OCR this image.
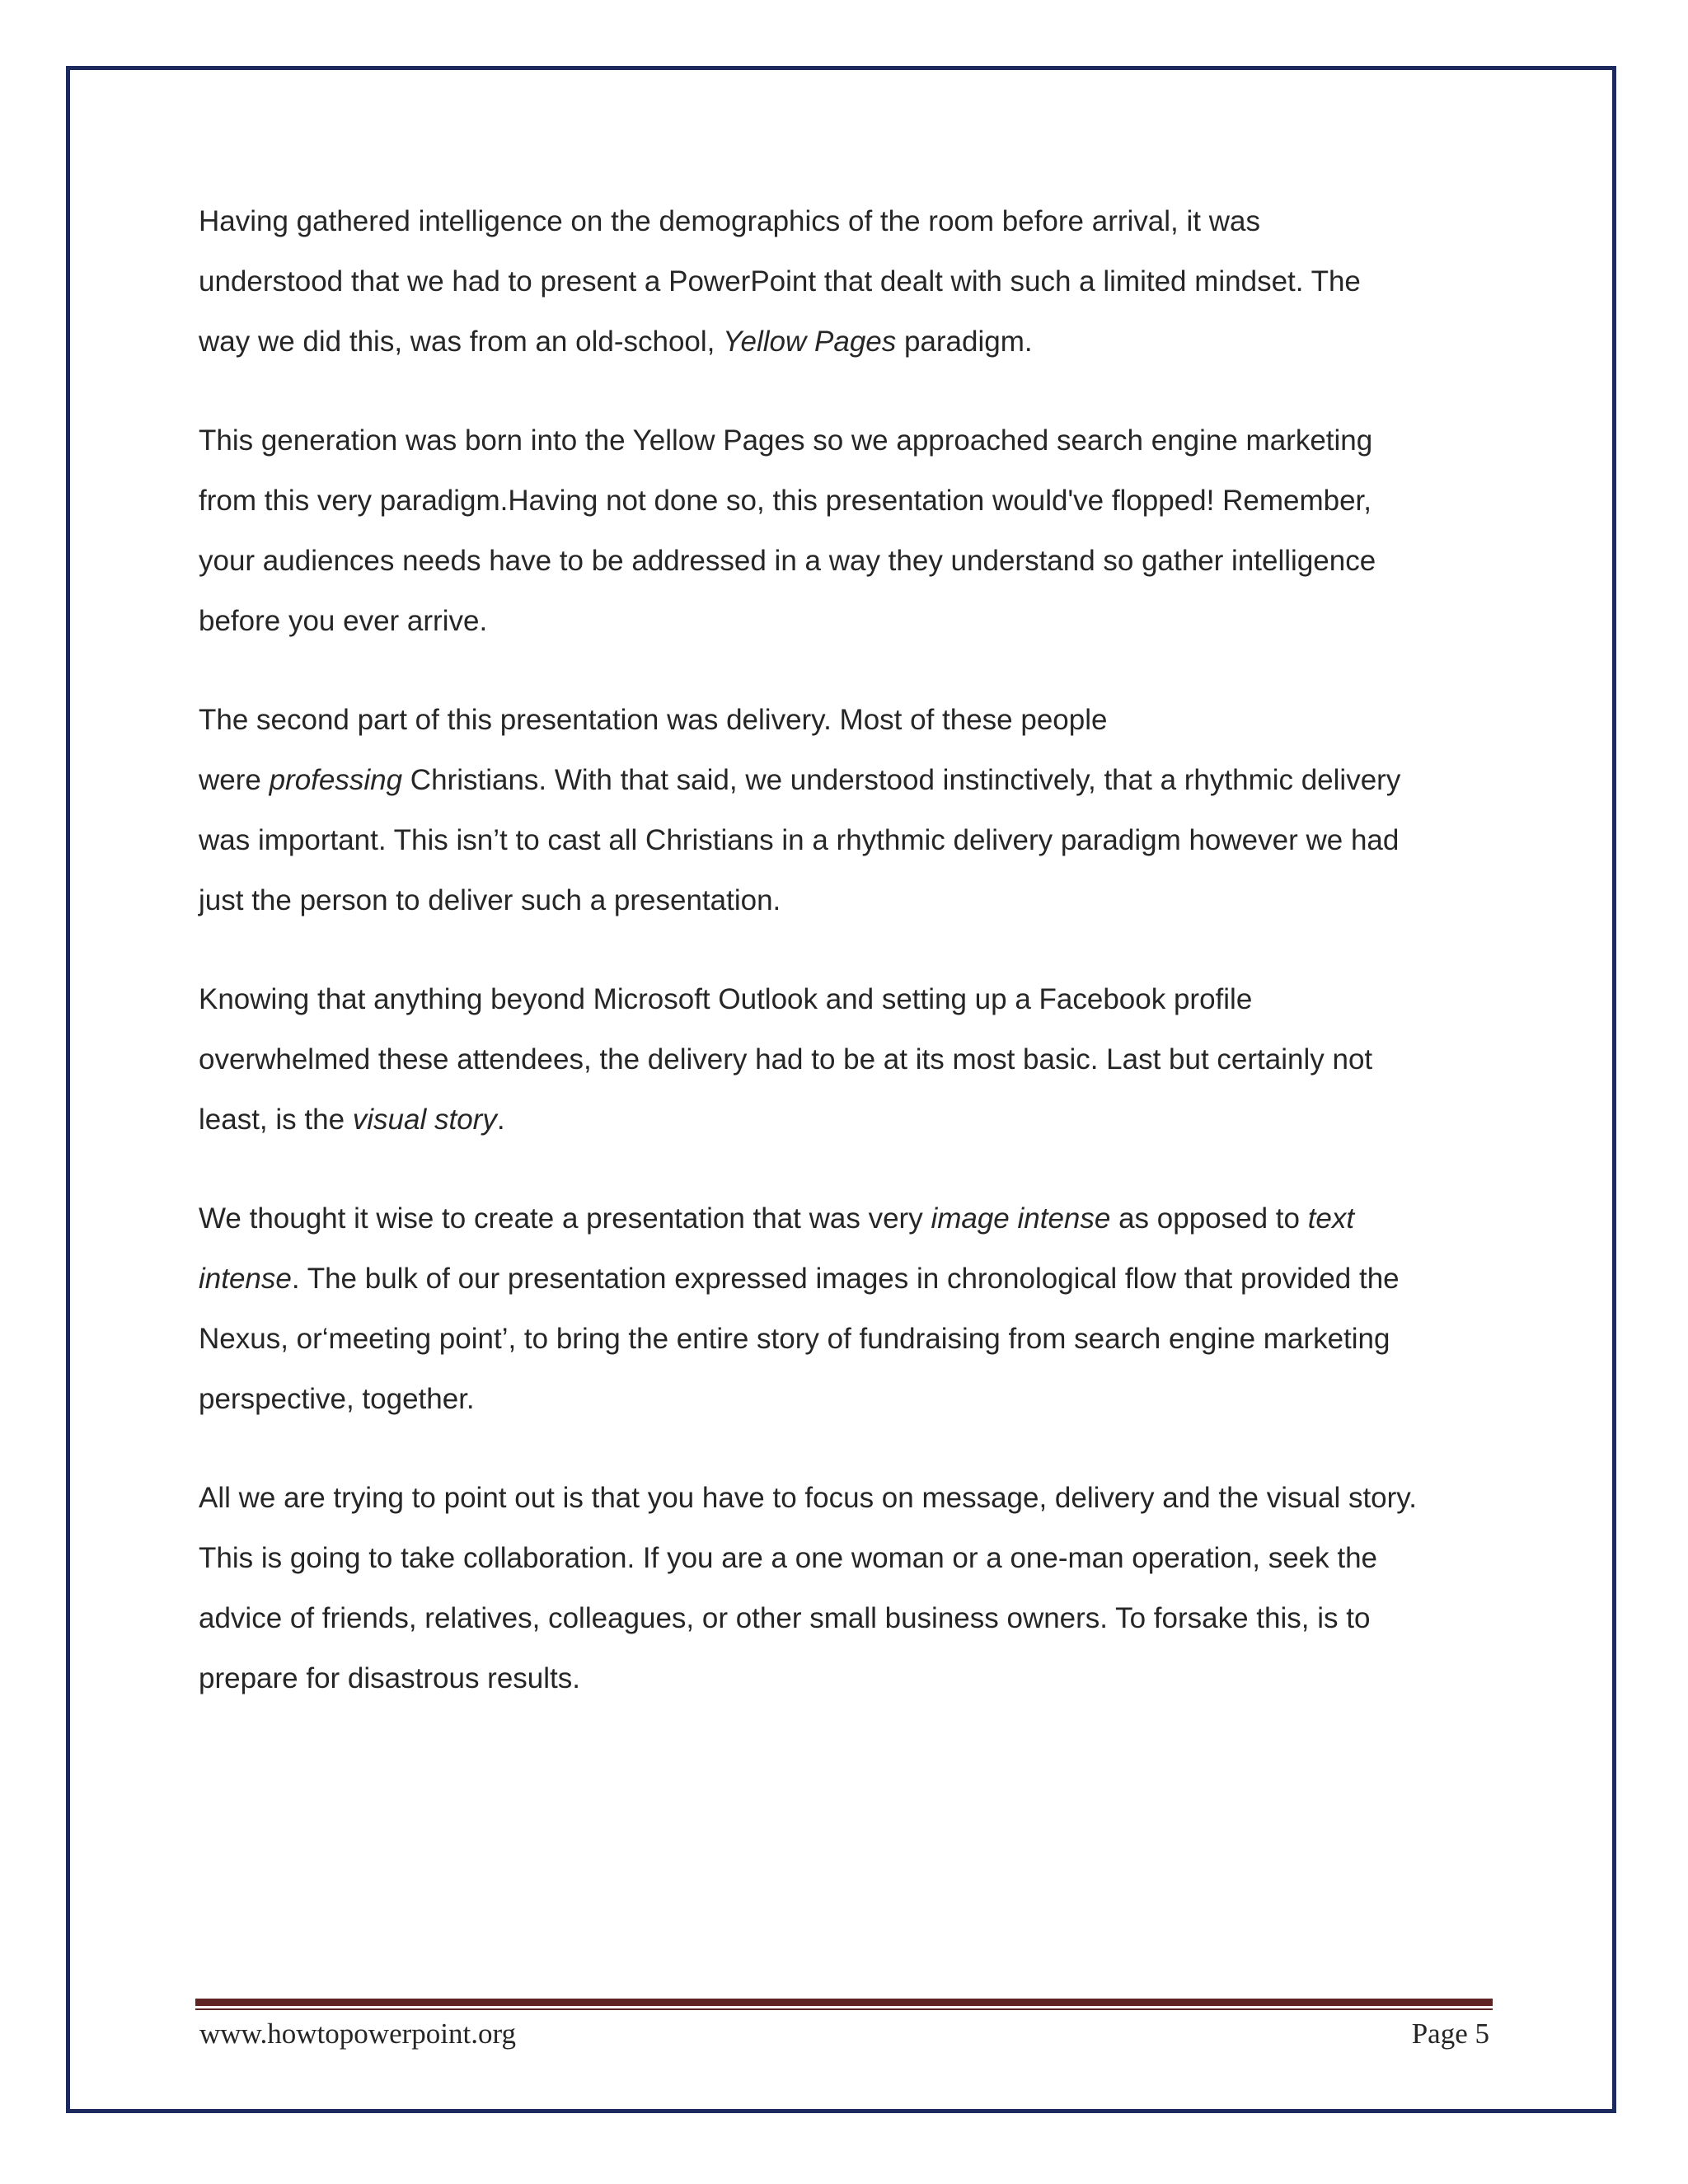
Having gathered intelligence on the demographics of the room before arrival, it was
understood that we had to present a PowerPoint that dealt with such a limited mindset. The
way we did this, was from an old-school, Yellow Pages paradigm.

This generation was born into the Yellow Pages so we approached search engine marketing
from this very paradigm.Having not done so, this presentation would've flopped! Remember,
your audiences needs have to be addressed in a way they understand so gather intelligence
before you ever arrive.

The second part of this presentation was delivery. Most of these people
were professing Christians. With that said, we understood instinctively, that a rhythmic delivery
was important. This isn’t to cast all Christians in a rhythmic delivery paradigm however we had
just the person to deliver such a presentation.

Knowing that anything beyond Microsoft Outlook and setting up a Facebook profile
overwhelmed these attendees, the delivery had to be at its most basic. Last but certainly not
least, is the visual story.

We thought it wise to create a presentation that was very image intense as opposed to text
intense. The bulk of our presentation expressed images in chronological flow that provided the
Nexus, or‘meeting point’, to bring the entire story of fundraising from search engine marketing
perspective, together.

All we are trying to point out is that you have to focus on message, delivery and the visual story.
This is going to take collaboration. If you are a one woman or a one-man operation, seek the
advice of friends, relatives, colleagues, or other small business owners. To forsake this, is to
prepare for disastrous results.

www.howtopowerpoint.org	Page 5
